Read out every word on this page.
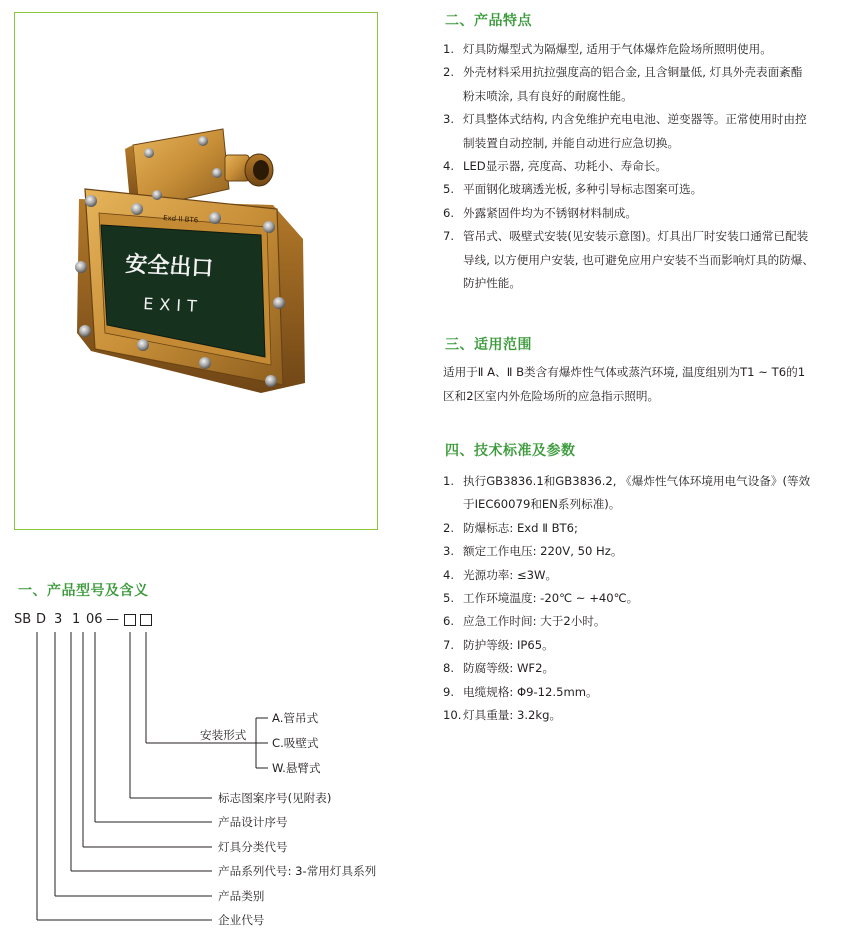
安全出口
EXIT
Exd II BT6
一、产品型号及含义
SB D 3 1 06 —
安装形式
A.管吊式
C.吸壁式
W.悬臂式
标志图案序号(见附表)
产品设计序号
灯具分类代号
产品系列代号: 3-常用灯具系列
产品类别
企业代号
二、产品特点
1. 灯具防爆型式为隔爆型, 适用于气体爆炸危险场所照明使用。
2. 外壳材料采用抗拉强度高的铝合金, 且含铜量低, 灯具外壳表面紊酯
粉末喷涂, 具有良好的耐腐性能。
3. 灯具整体式结构, 内含免维护充电电池、逆变器等。正常使用时由控
制装置自动控制, 并能自动进行应急切换。
4. LED显示器, 亮度高、功耗小、寿命长。
5. 平面钢化玻璃透光板, 多种引导标志图案可选。
6. 外露紧固件均为不锈钢材料制成。
7. 管吊式、吸壁式安装(见安装示意图)。灯具出厂时安装口通常已配装
导线, 以方便用户安装, 也可避免应用户安装不当而影响灯具的防爆、
防护性能。
三、适用范围
适用于Ⅱ A、Ⅱ B类含有爆炸性气体或蒸汽环境, 温度组别为T1 ~ T6的1
区和2区室内外危险场所的应急指示照明。
四、技术标准及参数
1. 执行GB3836.1和GB3836.2, 《爆炸性气体环境用电气设备》(等效
于IEC60079和EN系列标准)。
2. 防爆标志: Exd Ⅱ BT6;
3. 额定工作电压: 220V, 50 Hz。
4. 光源功率: ≤3W。
5. 工作环境温度: -20℃ ~ +40℃。
6. 应急工作时间: 大于2小时。
7. 防护等级: IP65。
8. 防腐等级: WF2。
9. 电缆规格: Φ9-12.5mm。
10. 灯具重量: 3.2kg。
